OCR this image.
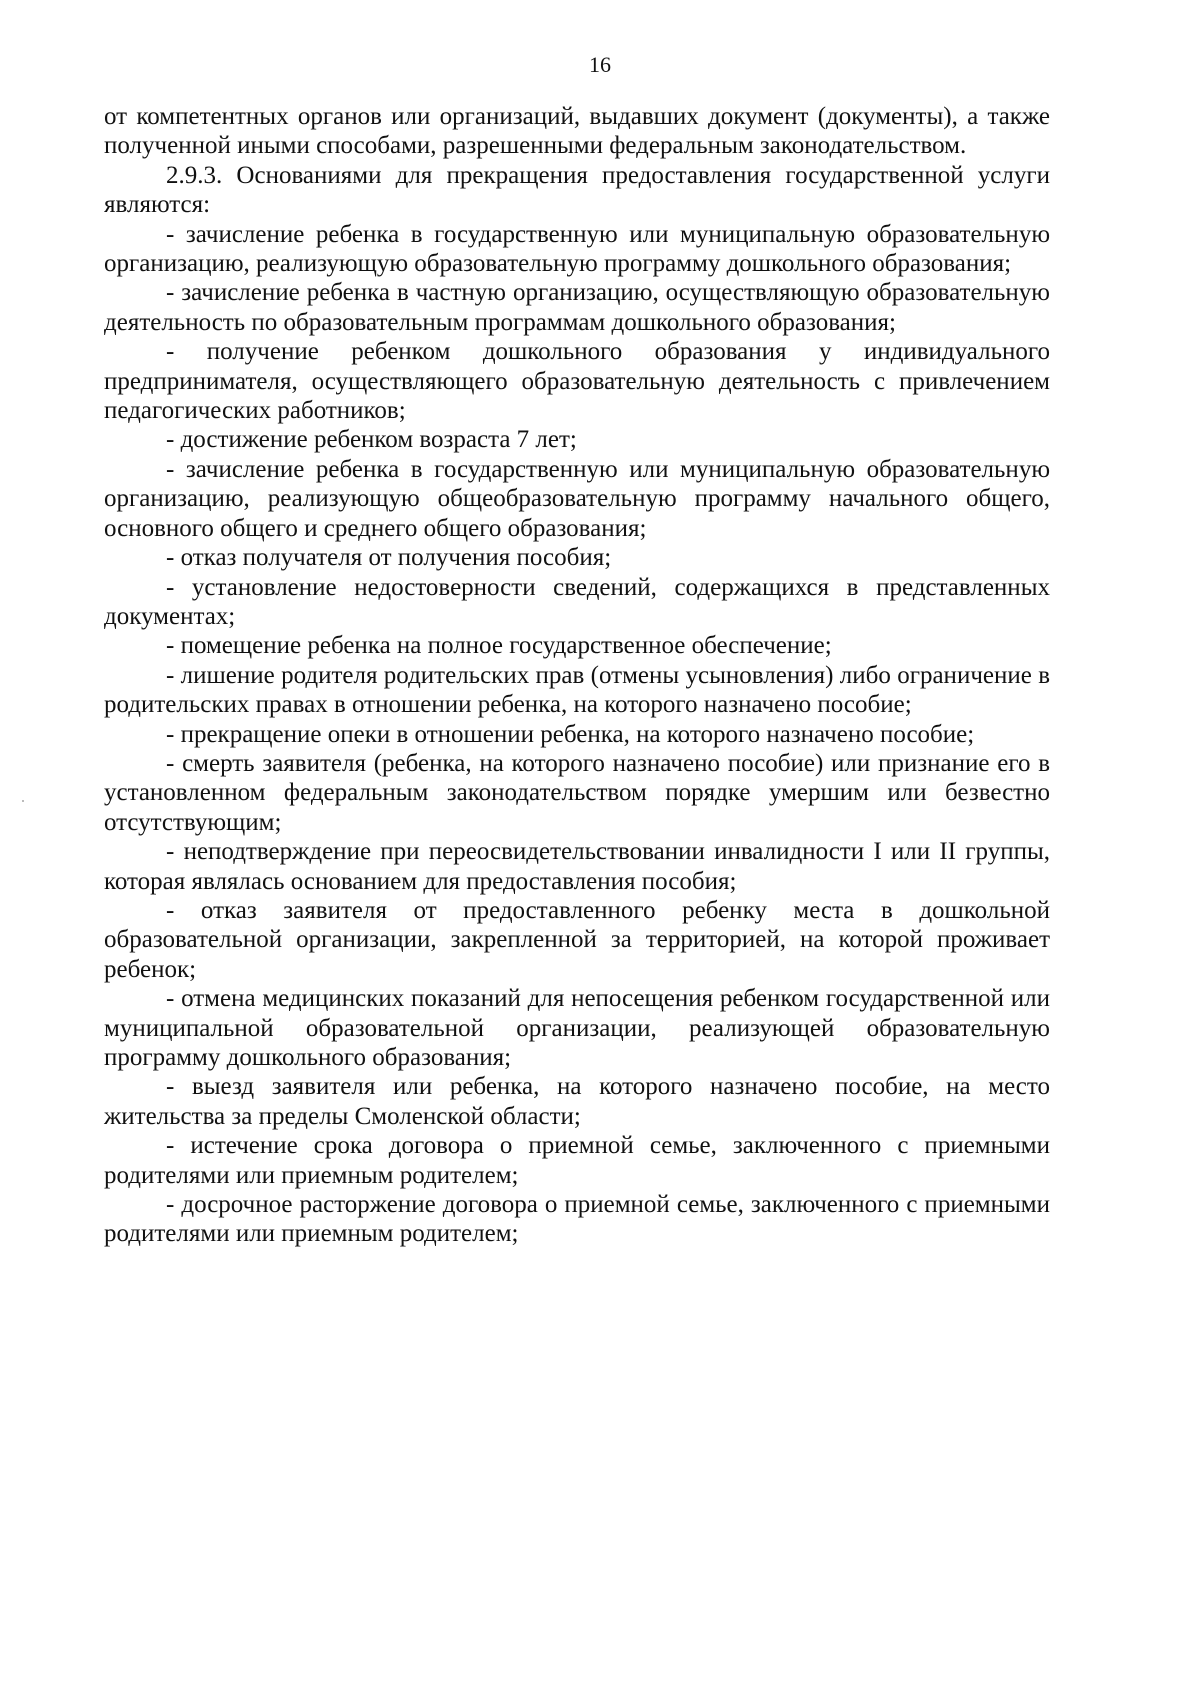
16

от компетентных органов или организаций, выдавших документ (документы), а также полученной иными способами, разрешенными федеральным законодательством.

2.9.3. Основаниями для прекращения предоставления государственной услуги являются:

- зачисление ребенка в государственную или муниципальную образовательную организацию, реализующую образовательную программу дошкольного образования;

- зачисление ребенка в частную организацию, осуществляющую образовательную деятельность по образовательным программам дошкольного образования;

- получение ребенком дошкольного образования у индивидуального предпринимателя, осуществляющего образовательную деятельность с привлечением педагогических работников;

- достижение ребенком возраста 7 лет;

- зачисление ребенка в государственную или муниципальную образовательную организацию, реализующую общеобразовательную программу начального общего, основного общего и среднего общего образования;

- отказ получателя от получения пособия;

- установление недостоверности сведений, содержащихся в представленных документах;

- помещение ребенка на полное государственное обеспечение;

- лишение родителя родительских прав (отмены усыновления) либо ограничение в родительских правах в отношении ребенка, на которого назначено пособие;

- прекращение опеки в отношении ребенка, на которого назначено пособие;

- смерть заявителя (ребенка, на которого назначено пособие) или признание его в установленном федеральным законодательством порядке умершим или безвестно отсутствующим;

- неподтверждение при переосвидетельствовании инвалидности I или II группы, которая являлась основанием для предоставления пособия;

- отказ заявителя от предоставленного ребенку места в дошкольной образовательной организации, закрепленной за территорией, на которой проживает ребенок;

- отмена медицинских показаний для непосещения ребенком государственной или муниципальной образовательной организации, реализующей образовательную программу дошкольного образования;

- выезд заявителя или ребенка, на которого назначено пособие, на место жительства за пределы Смоленской области;

- истечение срока договора о приемной семье, заключенного с приемными родителями или приемным родителем;

- досрочное расторжение договора о приемной семье, заключенного с приемными родителями или приемным родителем;
